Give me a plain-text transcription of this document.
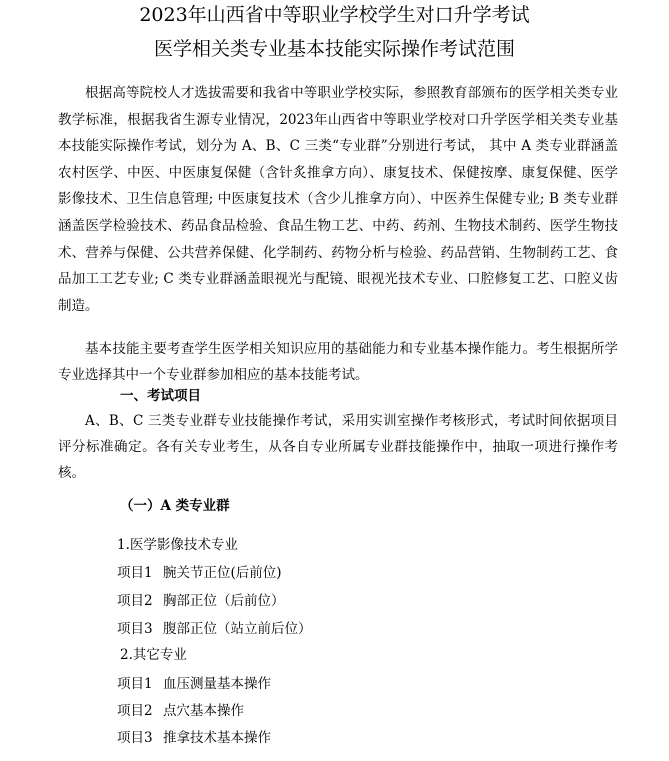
2023年山西省中等职业学校学生对口升学考试
医学相关类专业基本技能实际操作考试范围
根据高等院校人才选拔需要和我省中等职业学校实际，参照教育部颁布的医学相关类专业教学标准，根据我省生源专业情况，2023年山西省中等职业学校对口升学医学相关类专业基本技能实际操作考试，划分为 A、B、C 三类“专业群”分别进行考试， 其中 A 类专业群涵盖农村医学、中医、中医康复保健（含针炙推拿方向）、康复技术、保健按摩、康复保健、医学影像技术、卫生信息管理; 中医康复技术（含少儿推拿方向）、中医养生保健专业; B 类专业群涵盖医学检验技术、药品食品检验、食品生物工艺、中药、药剂、生物技术制药、医学生物技术、营养与保健、公共营养保健、化学制药、药物分析与检验、药品营销、生物制药工艺、食品加工工艺专业; C 类专业群涵盖眼视光与配镜、眼视光技术专业、口腔修复工艺、口腔义齿制造。
基本技能主要考查学生医学相关知识应用的基础能力和专业基本操作能力。考生根据所学专业选择其中一个专业群参加相应的基本技能考试。
一、考试项目
A、B、C 三类专业群专业技能操作考试，采用实训室操作考核形式，考试时间依据项目评分标准确定。各有关专业考生，从各自专业所属专业群技能操作中，抽取一项进行操作考核。
（一）A 类专业群
1.医学影像技术专业
项目1 腕关节正位(后前位)
项目2 胸部正位（后前位）
项目3 腹部正位（站立前后位）
2.其它专业
项目1 血压测量基本操作
项目2 点穴基本操作
项目3 推拿技术基本操作
